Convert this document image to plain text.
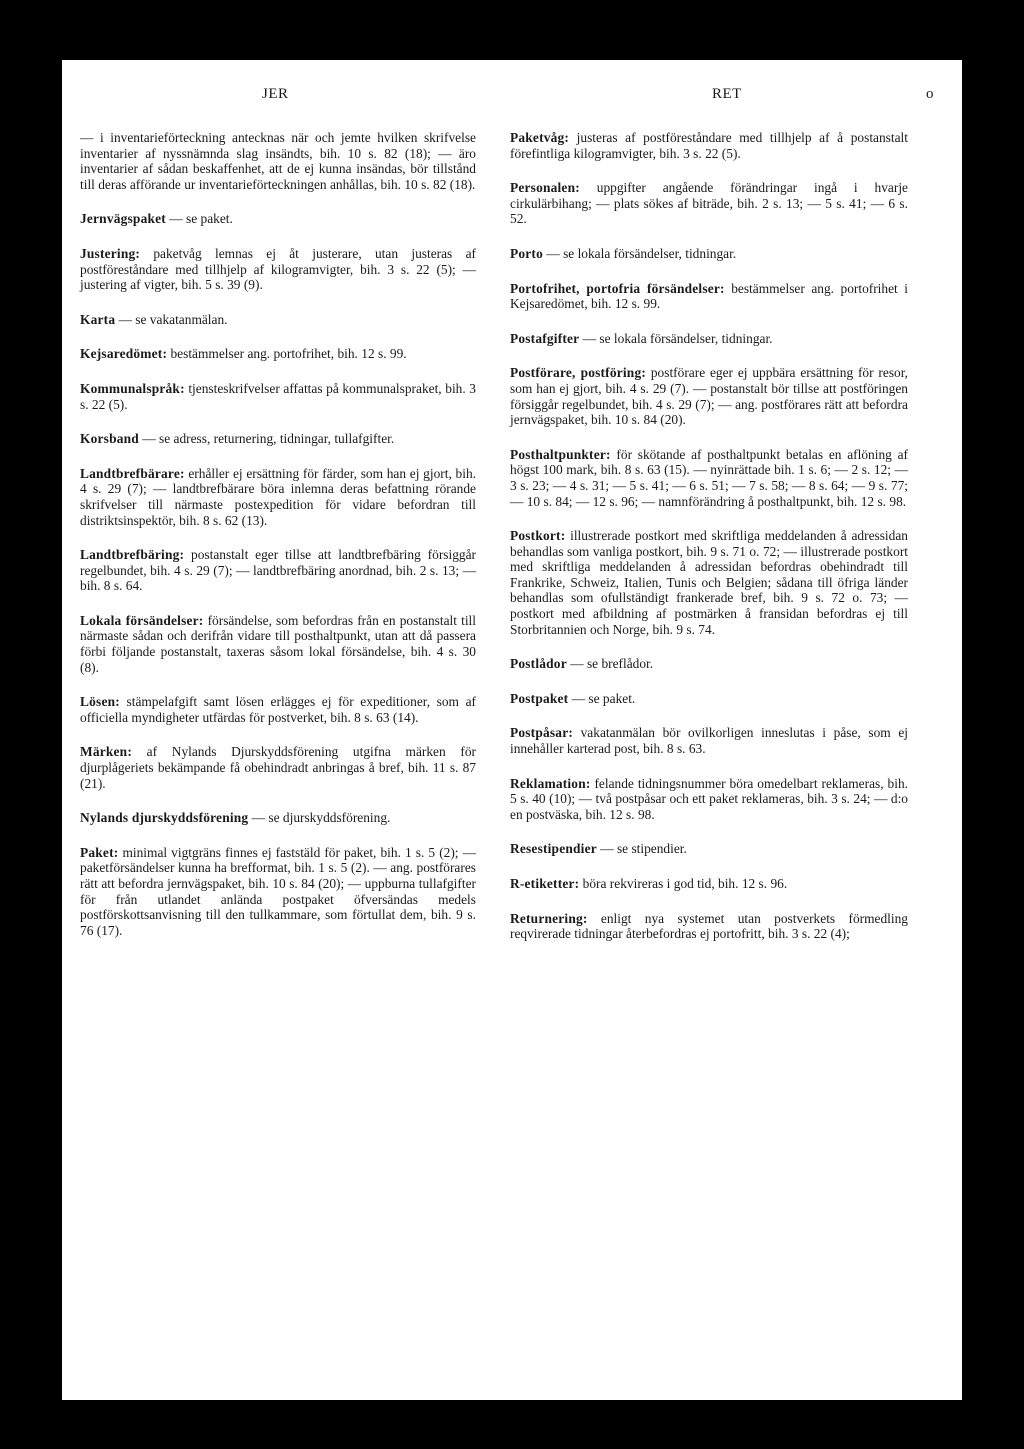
JER	RET	o

— i inventarieförteckning antecknas när och jemte hvilken skrifvelse inventarier af nyssnämnda slag insändts, bih. 10 s. 82 (18); — äro inventarier af sådan beskaffenhet, att de ej kunna insändas, bör tillstånd till deras afförande ur inventarieförteckningen anhållas, bih. 10 s. 82 (18).

Jernvägspaket — se paket.

Justering: paketvåg lemnas ej åt justerare, utan justeras af postföreståndare med tillhjelp af kilogramvigter, bih. 3 s. 22 (5); — justering af vigter, bih. 5 s. 39 (9).

Karta — se vakatanmälan.

Kejsaredömet: bestämmelser ang. portofrihet, bih. 12 s. 99.

Kommunalspråk: tjensteskrifvelser affattas på kommunalspraket, bih. 3 s. 22 (5).

Korsband — se adress, returnering, tidningar, tullafgifter.

Landtbrefbärare: erhåller ej ersättning för färder, som han ej gjort, bih. 4 s. 29 (7); — landtbrefbärare böra inlemna deras befattning rörande skrifvelser till närmaste postexpedition för vidare befordran till distriktsinspektör, bih. 8 s. 62 (13).

Landtbrefbäring: postanstalt eger tillse att landtbrefbäring försiggår regelbundet, bih. 4 s. 29 (7); — landtbrefbäring anordnad, bih. 2 s. 13; — bih. 8 s. 64.

Lokala försändelser: försändelse, som befordras från en postanstalt till närmaste sådan och derifrån vidare till posthaltpunkt, utan att då passera förbi följande postanstalt, taxeras såsom lokal försändelse, bih. 4 s. 30 (8).

Lösen: stämpelafgift samt lösen erlägges ej för expeditioner, som af officiella myndigheter utfärdas för postverket, bih. 8 s. 63 (14).

Märken: af Nylands Djurskyddsförening utgifna märken för djurplågeriets bekämpande få obehindradt anbringas å bref, bih. 11 s. 87 (21).

Nylands djurskyddsförening — se djurskyddsförening.

Paket: minimal vigtgräns finnes ej faststäld för paket, bih. 1 s. 5 (2); — paketförsändelser kunna ha brefformat, bih. 1 s. 5 (2). — ang. postförares rätt att befordra jernvägspaket, bih. 10 s. 84 (20); — uppburna tullafgifter för från utlandet anlända postpaket öfversändas medels postförskottsanvisning till den tullkammare, som förtullat dem, bih. 9 s. 76 (17).

Paketvåg: justeras af postföreståndare med tillhjelp af å postanstalt förefintliga kilogramvigter, bih. 3 s. 22 (5).

Personalen: uppgifter angående förändringar ingå i hvarje cirkulärbihang; — plats sökes af biträde, bih. 2 s. 13; — 5 s. 41; — 6 s. 52.

Porto — se lokala försändelser, tidningar.

Portofrihet, portofria försändelser: bestämmelser ang. portofrihet i Kejsaredömet, bih. 12 s. 99.

Postafgifter — se lokala försändelser, tidningar.

Postförare, postföring: postförare eger ej uppbära ersättning för resor, som han ej gjort, bih. 4 s. 29 (7). — postanstalt bör tillse att postföringen försiggår regelbundet, bih. 4 s. 29 (7); — ang. postförares rätt att befordra jernvägspaket, bih. 10 s. 84 (20).

Posthaltpunkter: för skötande af posthaltpunkt betalas en aflöning af högst 100 mark, bih. 8 s. 63 (15). — nyinrättade bih. 1 s. 6; — 2 s. 12; — 3 s. 23; — 4 s. 31; — 5 s. 41; — 6 s. 51; — 7 s. 58; — 8 s. 64; — 9 s. 77; — 10 s. 84; — 12 s. 96; — namnförändring å posthaltpunkt, bih. 12 s. 98.

Postkort: illustrerade postkort med skriftliga meddelanden å adressidan behandlas som vanliga postkort, bih. 9 s. 71 o. 72; — illustrerade postkort med skriftliga meddelanden å adressidan befordras obehindradt till Frankrike, Schweiz, Italien, Tunis och Belgien; sådana till öfriga länder behandlas som ofullständigt frankerade bref, bih. 9 s. 72 o. 73; — postkort med afbildning af postmärken å fransidan befordras ej till Storbritannien och Norge, bih. 9 s. 74.

Postlådor — se breflådor.

Postpaket — se paket.

Postpåsar: vakatanmälan bör ovilkorligen inneslutas i påse, som ej innehåller karterad post, bih. 8 s. 63.

Reklamation: felande tidningsnummer böra omedelbart reklameras, bih. 5 s. 40 (10); — två postpåsar och ett paket reklameras, bih. 3 s. 24; — d:o en postväska, bih. 12 s. 98.

Resestipendier — se stipendier.

R-etiketter: böra rekvireras i god tid, bih. 12 s. 96.

Returnering: enligt nya systemet utan postverkets förmedling reqvirerade tidningar återbefordras ej portofritt, bih. 3 s. 22 (4);
